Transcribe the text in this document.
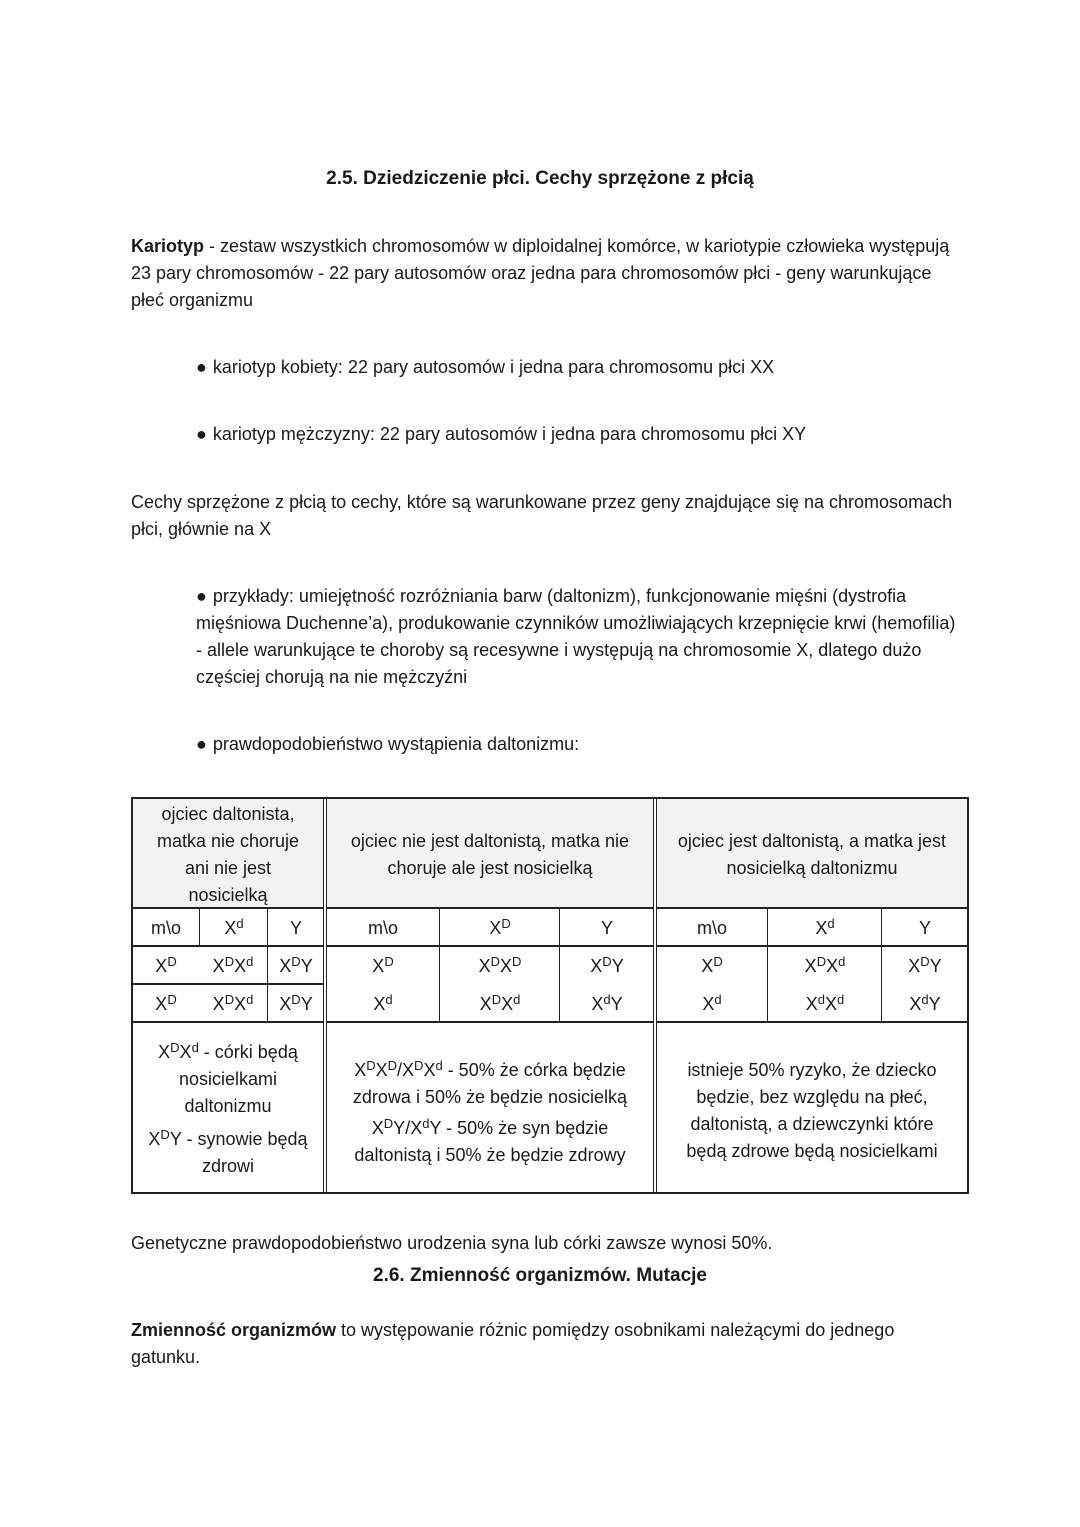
2.5. Dziedziczenie płci. Cechy sprzężone z płcią
Kariotyp - zestaw wszystkich chromosomów w diploidalnej komórce, w kariotypie człowieka występują 23 pary chromosomów - 22 pary autosomów oraz jedna para chromosomów płci - geny warunkujące płeć organizmu
● kariotyp kobiety: 22 pary autosomów i jedna para chromosomu płci XX
● kariotyp mężczyzny: 22 pary autosomów i jedna para chromosomu płci XY
Cechy sprzężone z płcią to cechy, które są warunkowane przez geny znajdujące się na chromosomach płci, głównie na X
● przykłady: umiejętność rozróżniania barw (daltonizm), funkcjonowanie mięśni (dystrofia mięśniowa Duchenne’a), produkowanie czynników umożliwiających krzepnięcie krwi (hemofilia) - allele warunkujące te choroby są recesywne i występują na chromosomie X, dlatego dużo częściej chorują na nie mężczyźni
● prawdopodobieństwo wystąpienia daltonizmu:
ojciec daltonista,
matka nie choruje
ani nie jest
nosicielką
m\o	$X^d$	Y
$X^D$	$X^DX^d$	$X^DY$
$X^D$	$X^DX^d$	$X^DY$
$X^DX^d$ - córki będą
nosicielkami
daltonizmu
$X^DY$ - synowie będą
zdrowi
ojciec nie jest daltonistą, matka nie
choruje ale jest nosicielką
m\o	$X^D$	Y
$X^D$	$X^DX^D$	$X^DY$
$X^d$	$X^DX^d$	$X^dY$
$X^DX^D/X^DX^d - 50\%$ że córka będzie
zdrowa i 50% że będzie nosicielką
$X^DY/X^dY - 50\%$ że syn będzie
daltonistą i 50% że będzie zdrowy
ojciec jest daltonistą, a matka jest
nosicielką daltonizmu
m\o	$X^d$	Y
$X^D$	$X^DX^d$	$X^DY$
$X^d$	$X^dX^d$	$X^dY$
istnieje 50% ryzyko, że dziecko
będzie, bez względu na płeć,
daltonistą, a dziewczynki które
będą zdrowe będą nosicielkami
Genetyczne prawdopodobieństwo urodzenia syna lub córki zawsze wynosi 50%.
2.6. Zmienność organizmów. Mutacje
Zmienność organizmów to występowanie różnic pomiędzy osobnikami należącymi do jednego gatunku.
